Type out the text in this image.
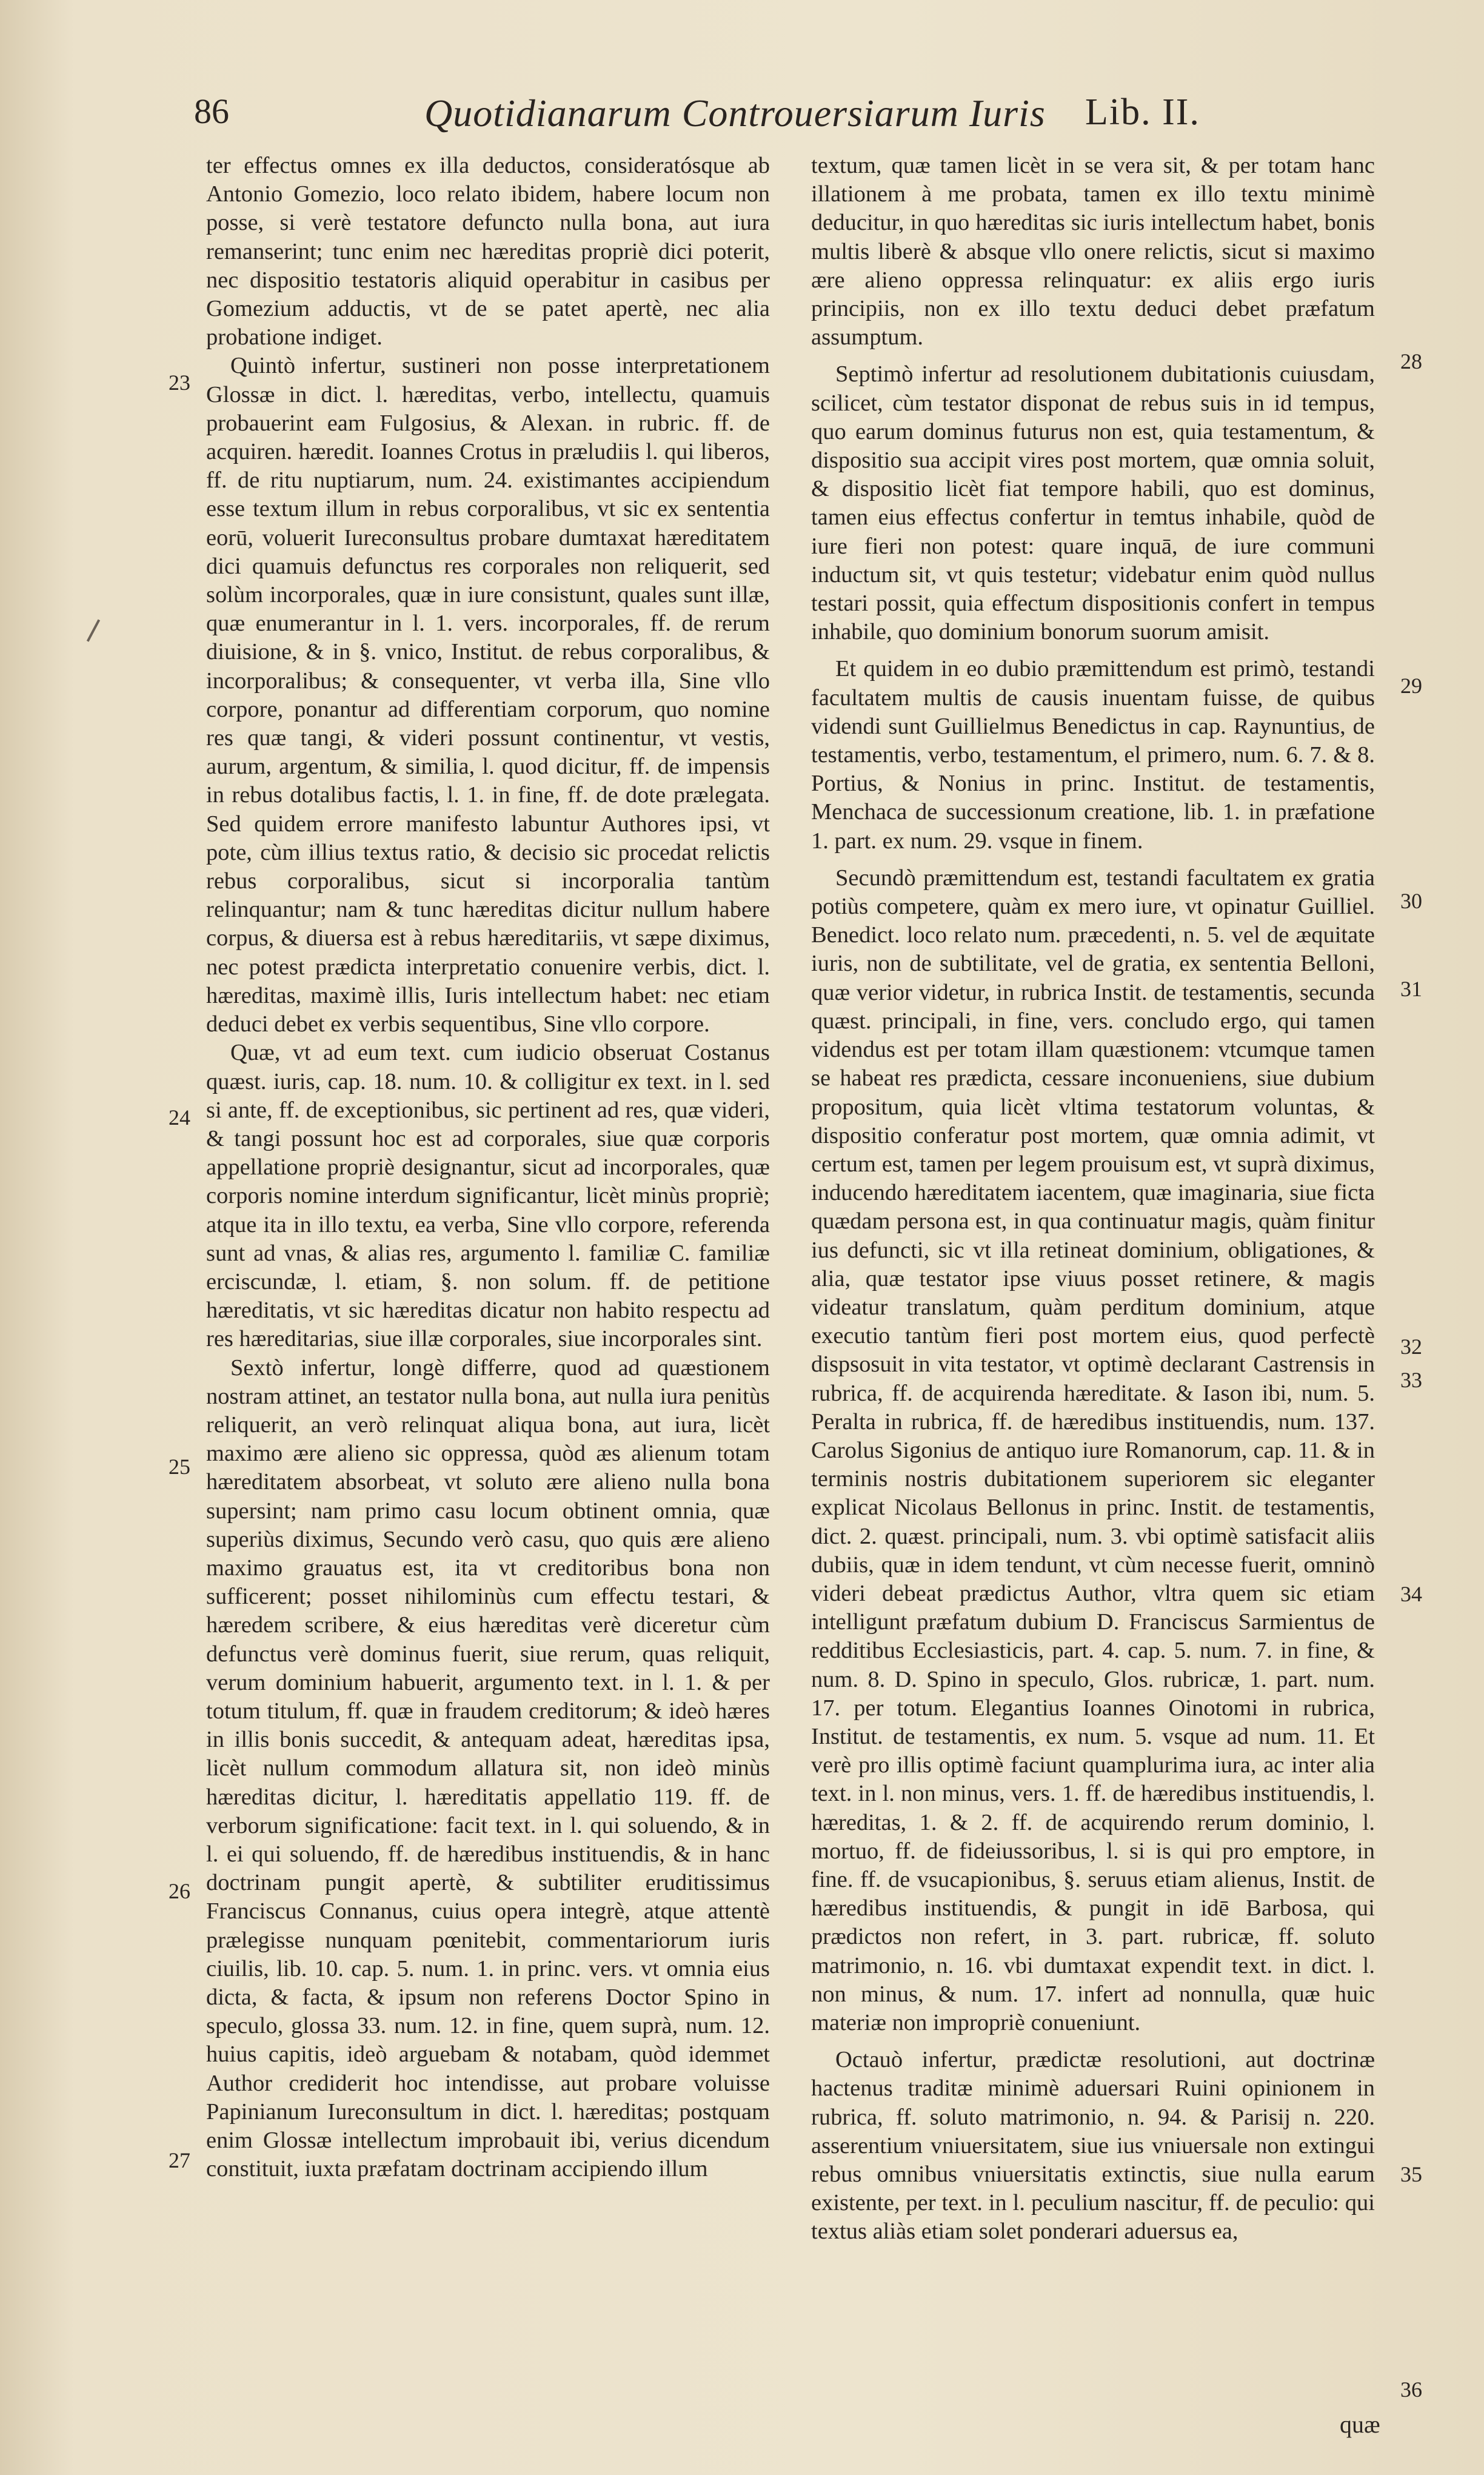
86	Quotidianarum Controuersiarum Iuris Lib. II.

ter effectus omnes ex illa deductos, consideratósque ab Antonio Gomezio, loco relato ibidem, habere locum non posse, si verè testatore defuncto nulla bona, aut iura remanserint; tunc enim nec hæreditas propriè dici poterit, nec dispositio testatoris aliquid operabitur in casibus per Gomezium adductis, vt de se patet apertè, nec alia probatione indiget.

Quintò infertur, sustineri non posse interpretationem Glossæ in dict. l. hæreditas, verbo, intellectu, quamuis probauerint eam Fulgosius, & Alexan. in rubric. ff. de acquiren. hæredit. Ioannes Crotus in præludiis l. qui liberos, ff. de ritu nuptiarum, num. 24. existimantes accipiendum esse textum illum in rebus corporalibus, vt sic ex sententia eorū, voluerit Iureconsultus probare dumtaxat hæreditatem dici quamuis defunctus res corporales non reliquerit, sed solùm incorporales, quæ in iure consistunt, quales sunt illæ, quæ enumerantur in l. 1. vers. incorporales, ff. de rerum diuisione, & in §. vnico, Institut. de rebus corporalibus, & incorporalibus; & consequenter, vt verba illa, Sine vllo corpore, ponantur ad differentiam corporum, quo nomine res quæ tangi, & videri possunt continentur, vt vestis, aurum, argentum, & similia, l. quod dicitur, ff. de impensis in rebus dotalibus factis, l. 1. in fine, ff. de dote prælegata. Sed quidem errore manifesto labuntur Authores ipsi, vt pote, cùm illius textus ratio, & decisio sic procedat relictis rebus corporalibus, sicut si incorporalia tantùm relinquantur; nam & tunc hæreditas dicitur nullum habere corpus, & diuersa est à rebus hæreditariis, vt sæpe diximus, nec potest prædicta interpretatio conuenire verbis, dict. l. hæreditas, maximè illis, Iuris intellectum habet: nec etiam deduci debet ex verbis sequentibus, Sine vllo corpore.

Quæ, vt ad eum text. cum iudicio obseruat Costanus quæst. iuris, cap. 18. num. 10. & colligitur ex text. in l. sed si ante, ff. de exceptionibus, sic pertinent ad res, quæ videri, & tangi possunt hoc est ad corporales, siue quæ corporis appellatione propriè designantur, sicut ad incorporales, quæ corporis nomine interdum significantur, licèt minùs propriè; atque ita in illo textu, ea verba, Sine vllo corpore, referenda sunt ad vnas, & alias res, argumento l. familiæ C. familiæ erciscundæ, l. etiam, §. non solum. ff. de petitione hæreditatis, vt sic hæreditas dicatur non habito respectu ad res hæreditarias, siue illæ corporales, siue incorporales sint.

Sextò infertur, longè differre, quod ad quæstionem nostram attinet, an testator nulla bona, aut nulla iura penitùs reliquerit, an verò relinquat aliqua bona, aut iura, licèt maximo ære alieno sic oppressa, quòd æs alienum totam hæreditatem absorbeat, vt soluto ære alieno nulla bona supersint; nam primo casu locum obtinent omnia, quæ superiùs diximus, Secundo verò casu, quo quis ære alieno maximo grauatus est, ita vt creditoribus bona non sufficerent; posset nihilominùs cum effectu testari, & hæredem scribere, & eius hæreditas verè diceretur cùm defunctus verè dominus fuerit, siue rerum, quas reliquit, verum dominium habuerit, argumento text. in l. 1. & per totum titulum, ff. quæ in fraudem creditorum; & ideò hæres in illis bonis succedit, & antequam adeat, hæreditas ipsa, licèt nullum commodum allatura sit, non ideò minùs hæreditas dicitur, l. hæreditatis appellatio 119. ff. de verborum significatione: facit text. in l. qui soluendo, & in l. ei qui soluendo, ff. de hæredibus instituendis, & in hanc doctrinam pungit apertè, & subtiliter eruditissimus Franciscus Connanus, cuius opera integrè, atque attentè prælegisse nunquam pœnitebit, commentariorum iuris ciuilis, lib. 10. cap. 5. num. 1. in princ. vers. vt omnia eius dicta, & facta, & ipsum non referens Doctor Spino in speculo, glossa 33. num. 12. in fine, quem suprà, num. 12. huius capitis, ideò arguebam & notabam, quòd idemmet Author crediderit hoc intendisse, aut probare voluisse Papinianum Iureconsultum in dict. l. hæreditas; postquam enim Glossæ intellectum improbauit ibi, verius dicendum constituit, iuxta præfatam doctrinam accipiendo illum

textum, quæ tamen licèt in se vera sit, & per totam hanc illationem à me probata, tamen ex illo textu minimè deducitur, in quo hæreditas sic iuris intellectum habet, bonis multis liberè & absque vllo onere relictis, sicut si maximo ære alieno oppressa relinquatur: ex aliis ergo iuris principiis, non ex illo textu deduci debet præfatum assumptum.

Septimò infertur ad resolutionem dubitationis cuiusdam, scilicet, cùm testator disponat de rebus suis in id tempus, quo earum dominus futurus non est, quia testamentum, & dispositio sua accipit vires post mortem, quæ omnia soluit, & dispositio licèt fiat tempore habili, quo est dominus, tamen eius effectus confertur in temtus inhabile, quòd de iure fieri non potest: quare inquā, de iure communi inductum sit, vt quis testetur; videbatur enim quòd nullus testari possit, quia effectum dispositionis confert in tempus inhabile, quo dominium bonorum suorum amisit.

Et quidem in eo dubio præmittendum est primò, testandi facultatem multis de causis inuentam fuisse, de quibus videndi sunt Guillielmus Benedictus in cap. Raynuntius, de testamentis, verbo, testamentum, el primero, num. 6. 7. & 8. Portius, & Nonius in princ. Institut. de testamentis, Menchaca de successionum creatione, lib. 1. in præfatione 1. part. ex num. 29. vsque in finem.

Secundò præmittendum est, testandi facultatem ex gratia potiùs competere, quàm ex mero iure, vt opinatur Guilliel. Benedict. loco relato num. præcedenti, n. 5. vel de æquitate iuris, non de subtilitate, vel de gratia, ex sententia Belloni, quæ verior videtur, in rubrica Instit. de testamentis, secunda quæst. principali, in fine, vers. concludo ergo, qui tamen videndus est per totam illam quæstionem: vtcumque tamen se habeat res prædicta, cessare inconueniens, siue dubium propositum, quia licèt vltima testatorum voluntas, & dispositio conferatur post mortem, quæ omnia adimit, vt certum est, tamen per legem prouisum est, vt suprà diximus, inducendo hæreditatem iacentem, quæ imaginaria, siue ficta quædam persona est, in qua continuatur magis, quàm finitur ius defuncti, sic vt illa retineat dominium, obligationes, & alia, quæ testator ipse viuus posset retinere, & magis videatur translatum, quàm perditum dominium, atque executio tantùm fieri post mortem eius, quod perfectè dispsosuit in vita testator, vt optimè declarant Castrensis in rubrica, ff. de acquirenda hæreditate. & Iason ibi, num. 5. Peralta in rubrica, ff. de hæredibus instituendis, num. 137. Carolus Sigonius de antiquo iure Romanorum, cap. 11. & in terminis nostris dubitationem superiorem sic eleganter explicat Nicolaus Bellonus in princ. Instit. de testamentis, dict. 2. quæst. principali, num. 3. vbi optimè satisfacit aliis dubiis, quæ in idem tendunt, vt cùm necesse fuerit, omninò videri debeat prædictus Author, vltra quem sic etiam intelligunt præfatum dubium D. Franciscus Sarmientus de redditibus Ecclesiasticis, part. 4. cap. 5. num. 7. in fine, & num. 8. D. Spino in speculo, Glos. rubricæ, 1. part. num. 17. per totum. Elegantius Ioannes Oinotomi in rubrica, Institut. de testamentis, ex num. 5. vsque ad num. 11. Et verè pro illis optimè faciunt quamplurima iura, ac inter alia text. in l. non minus, vers. 1. ff. de hæredibus instituendis, l. hæreditas, 1. & 2. ff. de acquirendo rerum dominio, l. mortuo, ff. de fideiussoribus, l. si is qui pro emptore, in fine. ff. de vsucapionibus, §. seruus etiam alienus, Instit. de hæredibus instituendis, & pungit in idē Barbosa, qui prædictos non refert, in 3. part. rubricæ, ff. soluto matrimonio, n. 16. vbi dumtaxat expendit text. in dict. l. non minus, & num. 17. infert ad nonnulla, quæ huic materiæ non impropriè conueniunt.

Octauò infertur, prædictæ resolutioni, aut doctrinæ hactenus traditæ minimè aduersari Ruini opinionem in rubrica, ff. soluto matrimonio, n. 94. & Parisij n. 220. asserentium vniuersitatem, siue ius vniuersale non extingui rebus omnibus vniuersitatis extinctis, siue nulla earum existente, per text. in l. peculium nascitur, ff. de peculio: qui textus aliàs etiam solet ponderari aduersus ea,

23
24
25
26
27
28
29
30
31
32
33
34
35
36
quæ
